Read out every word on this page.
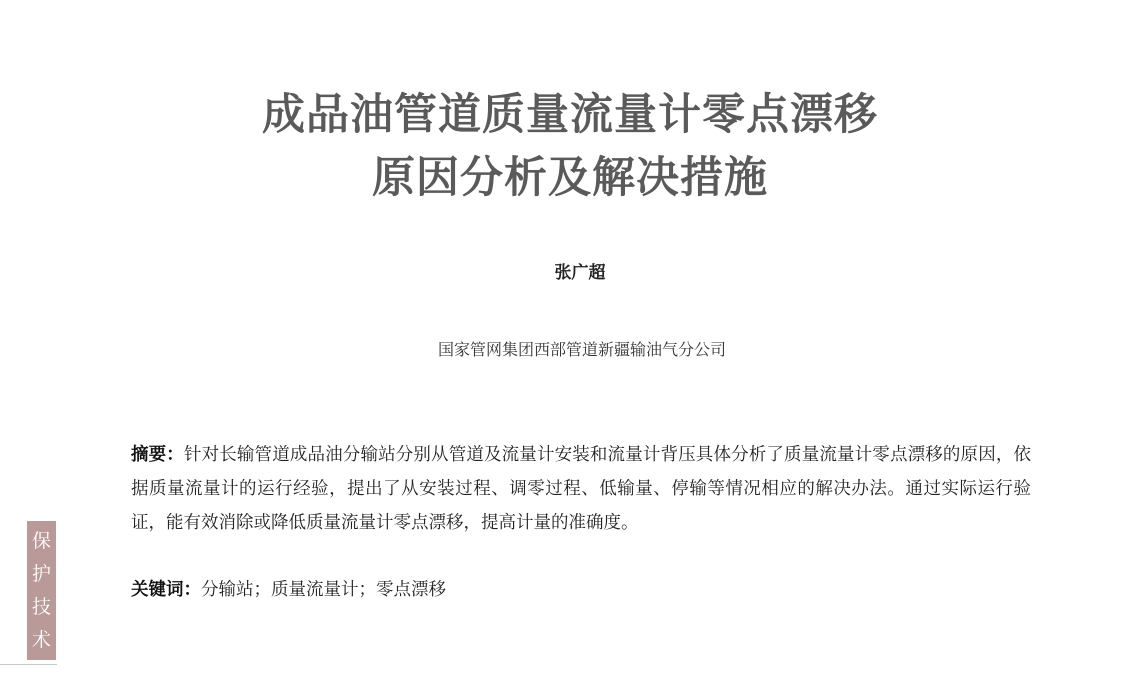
成品油管道质量流量计零点漂移
原因分析及解决措施
张广超
国家管网集团西部管道新疆输油气分公司

摘要：针对长输管道成品油分输站分别从管道及流量计安装和流量计背压具体分析了质量流量计零点漂移的原因，依据质量流量计的运行经验，提出了从安装过程、调零过程、低输量、停输等情况相应的解决办法。通过实际运行验证，能有效消除或降低质量流量计零点漂移，提高计量的准确度。

关键词：分输站；质量流量计；零点漂移

保
护
技
术
